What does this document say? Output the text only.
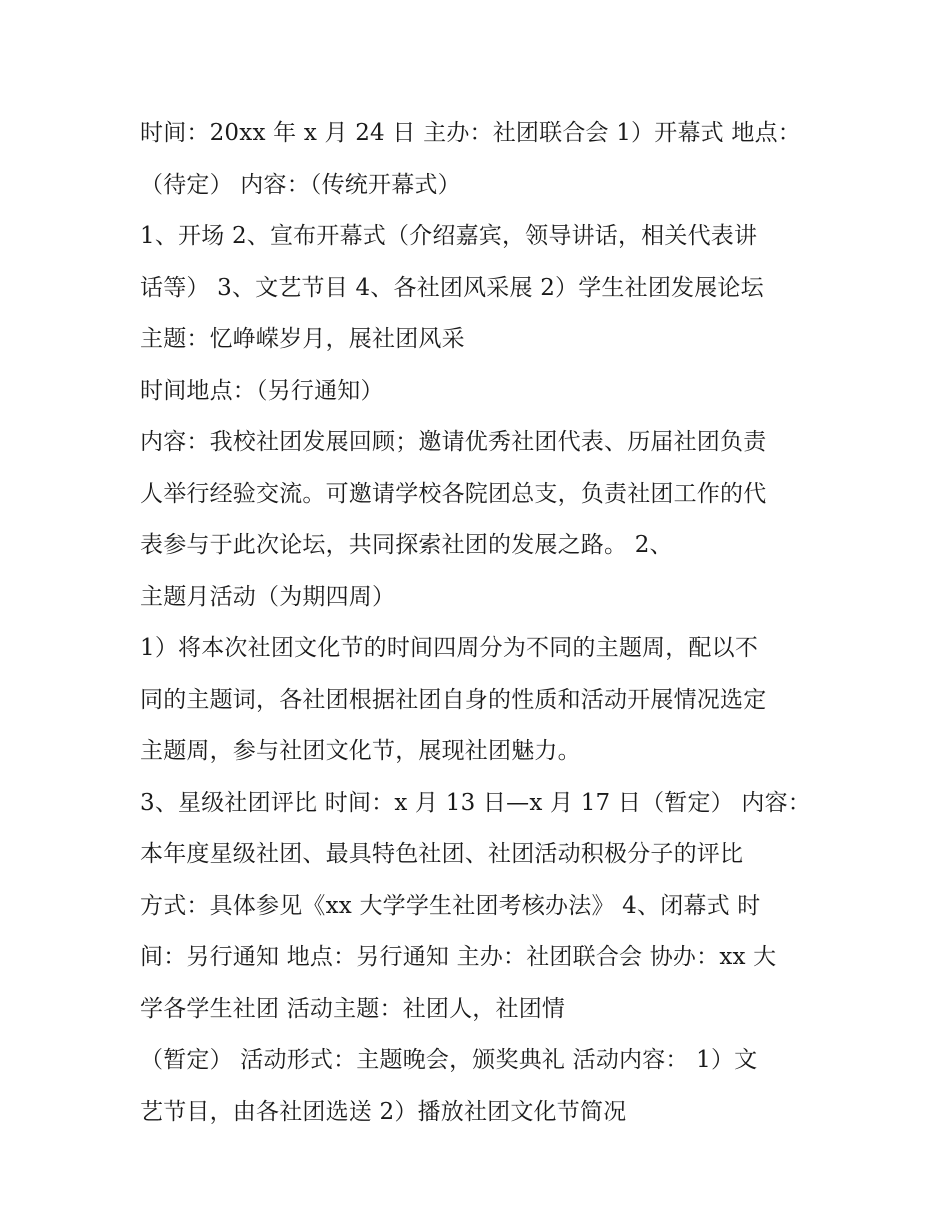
时间：20xx 年 x 月 24 日 主办：社团联合会 1）开幕式 地点：
（待定） 内容：（传统开幕式）
1、开场 2、宣布开幕式（介绍嘉宾，领导讲话，相关代表讲
话等） 3、文艺节目 4、各社团风采展 2）学生社团发展论坛
主题：忆峥嵘岁月，展社团风采
时间地点：（另行通知）
内容：我校社团发展回顾；邀请优秀社团代表、历届社团负责
人举行经验交流。可邀请学校各院团总支，负责社团工作的代
表参与于此次论坛，共同探索社团的发展之路。 2、
主题月活动（为期四周）
1）将本次社团文化节的时间四周分为不同的主题周，配以不
同的主题词，各社团根据社团自身的性质和活动开展情况选定
主题周，参与社团文化节，展现社团魅力。
3、星级社团评比 时间：x 月 13 日—x 月 17 日（暂定） 内容：
本年度星级社团、最具特色社团、社团活动积极分子的评比
方式：具体参见《xx 大学学生社团考核办法》 4、闭幕式 时
间：另行通知 地点：另行通知 主办：社团联合会 协办：xx 大
学各学生社团 活动主题：社团人，社团情
（暂定） 活动形式：主题晚会，颁奖典礼 活动内容： 1）文
艺节目，由各社团选送 2）播放社团文化节简况
